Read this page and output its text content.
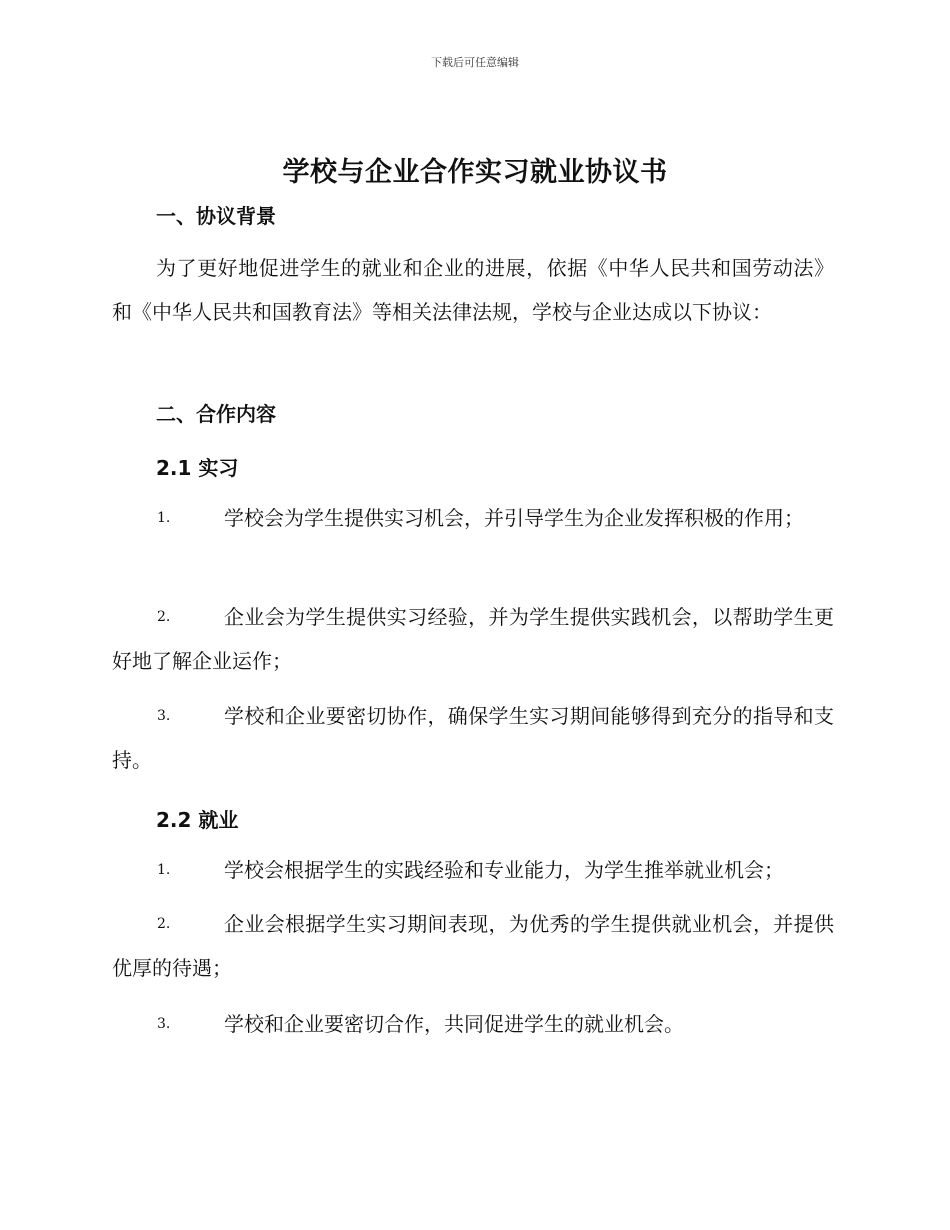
下载后可任意编辑
学校与企业合作实习就业协议书
一、协议背景
为了更好地促进学生的就业和企业的进展，依据《中华人民共和国劳动法》和《中华人民共和国教育法》等相关法律法规，学校与企业达成以下协议：
二、合作内容
2.1 实习
1.	学校会为学生提供实习机会，并引导学生为企业发挥积极的作用；
2.	企业会为学生提供实习经验，并为学生提供实践机会，以帮助学生更好地了解企业运作；
3.	学校和企业要密切协作，确保学生实习期间能够得到充分的指导和支持。
2.2 就业
1.	学校会根据学生的实践经验和专业能力，为学生推举就业机会；
2.	企业会根据学生实习期间表现，为优秀的学生提供就业机会，并提供优厚的待遇；
3.	学校和企业要密切合作，共同促进学生的就业机会。
